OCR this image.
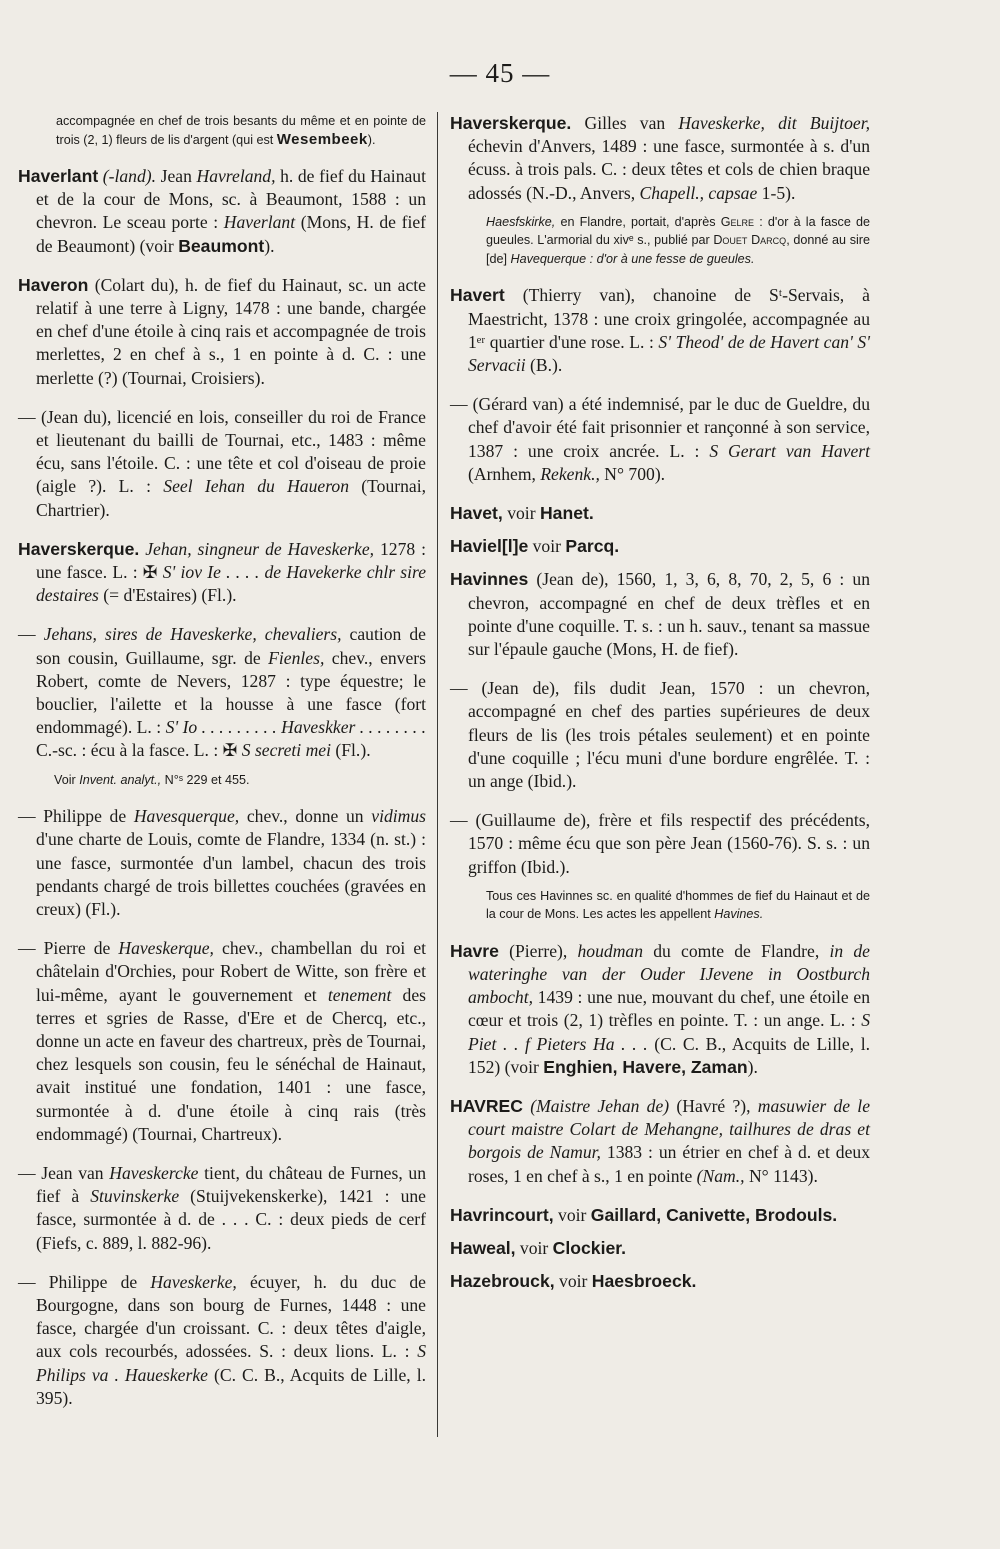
— 45 —
accompagnée en chef de trois besants du même et en pointe de trois (2, 1) fleurs de lis d'argent (qui est Wesembeek).

Haverlant (-land). Jean Havreland, h. de fief du Hainaut et de la cour de Mons, sc. à Beaumont, 1588 : un chevron. Le sceau porte : Haverlant (Mons, H. de fief de Beaumont) (voir Beaumont).

Haveron (Colart du), h. de fief du Hainaut, sc. un acte relatif à une terre à Ligny, 1478 : une bande, chargée en chef d'une étoile à cinq rais et accompagnée de trois merlettes, 2 en chef à s., 1 en pointe à d. C. : une merlette (?) (Tournai, Croisiers).

— (Jean du), licencié en lois, conseiller du roi de France et lieutenant du bailli de Tournai, etc., 1483 : même écu, sans l'étoile. C. : une tête et col d'oiseau de proie (aigle ?). L. : Seel Iehan du Haueron (Tournai, Chartrier).

Haverskerque. Jehan, singneur de Haveskerke, 1278 : une fasce. L. : ✠ S' iov Ie . . . . de Havekerke chlr sire destaires (= d'Estaires) (Fl.).

— Jehans, sires de Haveskerke, chevaliers, caution de son cousin, Guillaume, sgr. de Fienles, chev., envers Robert, comte de Nevers, 1287 : type équestre; le bouclier, l'ailette et la housse à une fasce (fort endommagé). L. : S' Io . . . . . . . . . Haveskker . . . . . . . . C.-sc. : écu à la fasce. L. : ✠ S secreti mei (Fl.).

Voir Invent. analyt., N°ˢ 229 et 455.

— Philippe de Havesquerque, chev., donne un vidimus d'une charte de Louis, comte de Flandre, 1334 (n. st.) : une fasce, surmontée d'un lambel, chacun des trois pendants chargé de trois billettes couchées (gravées en creux) (Fl.).

— Pierre de Haveskerque, chev., chambellan du roi et châtelain d'Orchies, pour Robert de Witte, son frère et lui-même, ayant le gouvernement et tenement des terres et sgries de Rasse, d'Ere et de Chercq, etc., donne un acte en faveur des chartreux, près de Tournai, chez lesquels son cousin, feu le sénéchal de Hainaut, avait institué une fondation, 1401 : une fasce, surmontée à d. d'une étoile à cinq rais (très endommagé) (Tournai, Chartreux).

— Jean van Haveskercke tient, du château de Furnes, un fief à Stuvinskerke (Stuijvekenskerke), 1421 : une fasce, surmontée à d. de . . . C. : deux pieds de cerf (Fiefs, c. 889, l. 882-96).

— Philippe de Haveskerke, écuyer, h. du duc de Bourgogne, dans son bourg de Furnes, 1448 : une fasce, chargée d'un croissant. C. : deux têtes d'aigle, aux cols recourbés, adossées. S. : deux lions. L. : S Philips va . Haueskerke (C. C. B., Acquits de Lille, l. 395).

Haverskerque. Gilles van Haveskerke, dit Buijtoer, échevin d'Anvers, 1489 : une fasce, surmontée à s. d'un écuss. à trois pals. C. : deux têtes et cols de chien braque adossés (N.-D., Anvers, Chapell., capsae 1-5).

Haesfskirke, en Flandre, portait, d'après Gelre : d'or à la fasce de gueules. L'armorial du xivᵉ s., publié par Douet Darcq, donné au sire [de] Havequerque : d'or à une fesse de gueules.

Havert (Thierry van), chanoine de Sᵗ-Servais, à Maestricht, 1378 : une croix gringolée, accompagnée au 1ᵉʳ quartier d'une rose. L. : S' Theod' de de Havert can' S' Servacii (B.).

— (Gérard van) a été indemnisé, par le duc de Gueldre, du chef d'avoir été fait prisonnier et rançonné à son service, 1387 : une croix ancrée. L. : S Gerart van Havert (Arnhem, Rekenk., N° 700).

Havet, voir Hanet.

Haviel[l]e voir Parcq.

Havinnes (Jean de), 1560, 1, 3, 6, 8, 70, 2, 5, 6 : un chevron, accompagné en chef de deux trèfles et en pointe d'une coquille. T. s. : un h. sauv., tenant sa massue sur l'épaule gauche (Mons, H. de fief).

— (Jean de), fils dudit Jean, 1570 : un chevron, accompagné en chef des parties supérieures de deux fleurs de lis (les trois pétales seulement) et en pointe d'une coquille ; l'écu muni d'une bordure engrêlée. T. : un ange (Ibid.).

— (Guillaume de), frère et fils respectif des précédents, 1570 : même écu que son père Jean (1560-76). S. s. : un griffon (Ibid.).

Tous ces Havinnes sc. en qualité d'hommes de fief du Hainaut et de la cour de Mons. Les actes les appellent Havines.

Havre (Pierre), houdman du comte de Flandre, in de wateringhe van der Ouder IJevene in Oostburch ambocht, 1439 : une nue, mouvant du chef, une étoile en cœur et trois (2, 1) trèfles en pointe. T. : un ange. L. : S Piet . . f Pieters Ha . . . (C. C. B., Acquits de Lille, l. 152) (voir Enghien, Havere, Zaman).

HAVREC (Maistre Jehan de) (Havré ?), masuwier de le court maistre Colart de Mehangne, tailhures de dras et borgois de Namur, 1383 : un étrier en chef à d. et deux roses, 1 en chef à s., 1 en pointe (Nam., N° 1143).

Havrincourt, voir Gaillard, Canivette, Brodouls.

Haweal, voir Clockier.

Hazebrouck, voir Haesbroeck.
